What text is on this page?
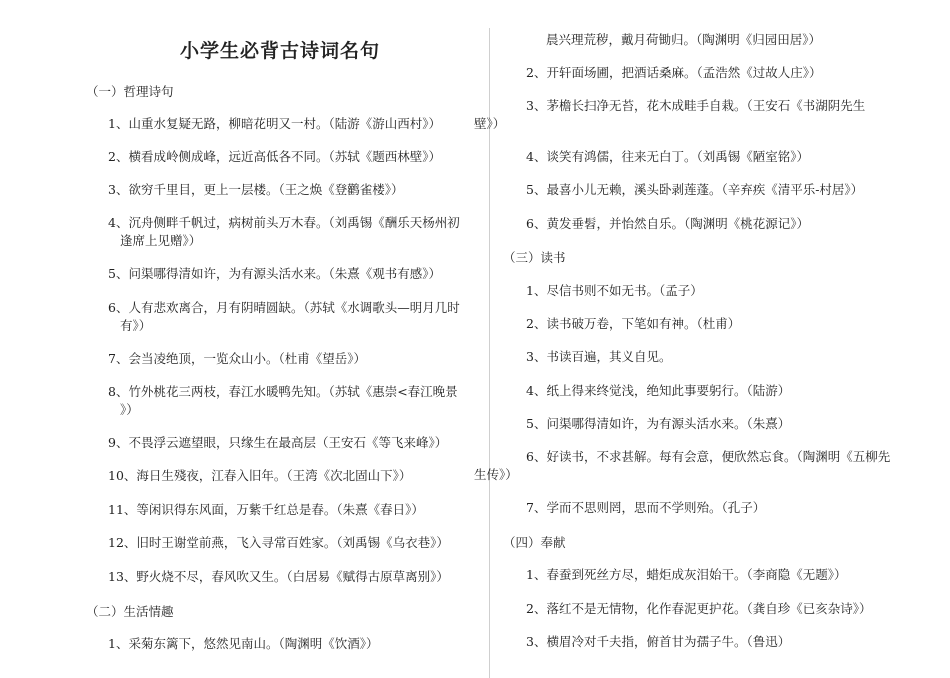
小学生必背古诗词名句
（一）哲理诗句
1、山重水复疑无路，柳暗花明又一村。（陆游《游山西村》）
2、横看成岭侧成峰，远近高低各不同。（苏轼《题西林壁》）
3、欲穷千里目，更上一层楼。（王之焕《登鹳雀楼》）
4、沉舟侧畔千帆过，病树前头万木春。（刘禹锡《酬乐天杨州初
逢席上见赠》）
5、问渠哪得清如许，为有源头活水来。（朱熹《观书有感》）
6、人有悲欢离合，月有阴晴圆缺。（苏轼《水调歌头—明月几时
有》）
7、会当凌绝顶，一览众山小。（杜甫《望岳》）
8、竹外桃花三两枝，春江水暖鸭先知。（苏轼《惠崇<春江晚景
》）
9、不畏浮云遮望眼，只缘生在最高层（王安石《等飞来峰》）
10、海日生殘夜，江春入旧年。（王湾《次北固山下》）
11、等闲识得东风面，万紫千红总是春。（朱熹《春日》）
12、旧时王谢堂前燕，飞入寻常百姓家。（刘禹锡《乌衣巷》）
13、野火烧不尽，春风吹又生。（白居易《赋得古原草离别》）
（二）生活情趣
1、采菊东篱下，悠然见南山。（陶渊明《饮酒》）
晨兴理荒秽，戴月荷锄归。（陶渊明《归园田居》）
2、开轩面场圃，把酒话桑麻。（孟浩然《过故人庄》）
3、茅檐长扫净无苔，花木成畦手自栽。（王安石《书湖阴先生
壁》）
4、谈笑有鸿儒，往来无白丁。（刘禹锡《陋室铭》）
5、最喜小儿无赖，溪头卧剥莲蓬。（辛弃疾《清平乐-村居》）
6、黄发垂髫，并怡然自乐。（陶渊明《桃花源记》）
（三）读书
1、尽信书则不如无书。（孟子）
2、读书破万卷，下笔如有神。（杜甫）
3、书读百遍，其义自见。
4、纸上得来终觉浅，绝知此事要躬行。（陆游）
5、问渠哪得清如许，为有源头活水来。（朱熹）
6、好读书，不求甚解。每有会意，便欣然忘食。（陶渊明《五柳先
生传》）
7、学而不思则罔，思而不学则殆。（孔子）
（四）奉献
1、春蚕到死丝方尽，蜡炬成灰泪始干。（李商隐《无题》）
2、落红不是无情物，化作春泥更护花。（龚自珍《已亥杂诗》）
3、横眉冷对千夫指，俯首甘为孺子牛。（鲁迅）
